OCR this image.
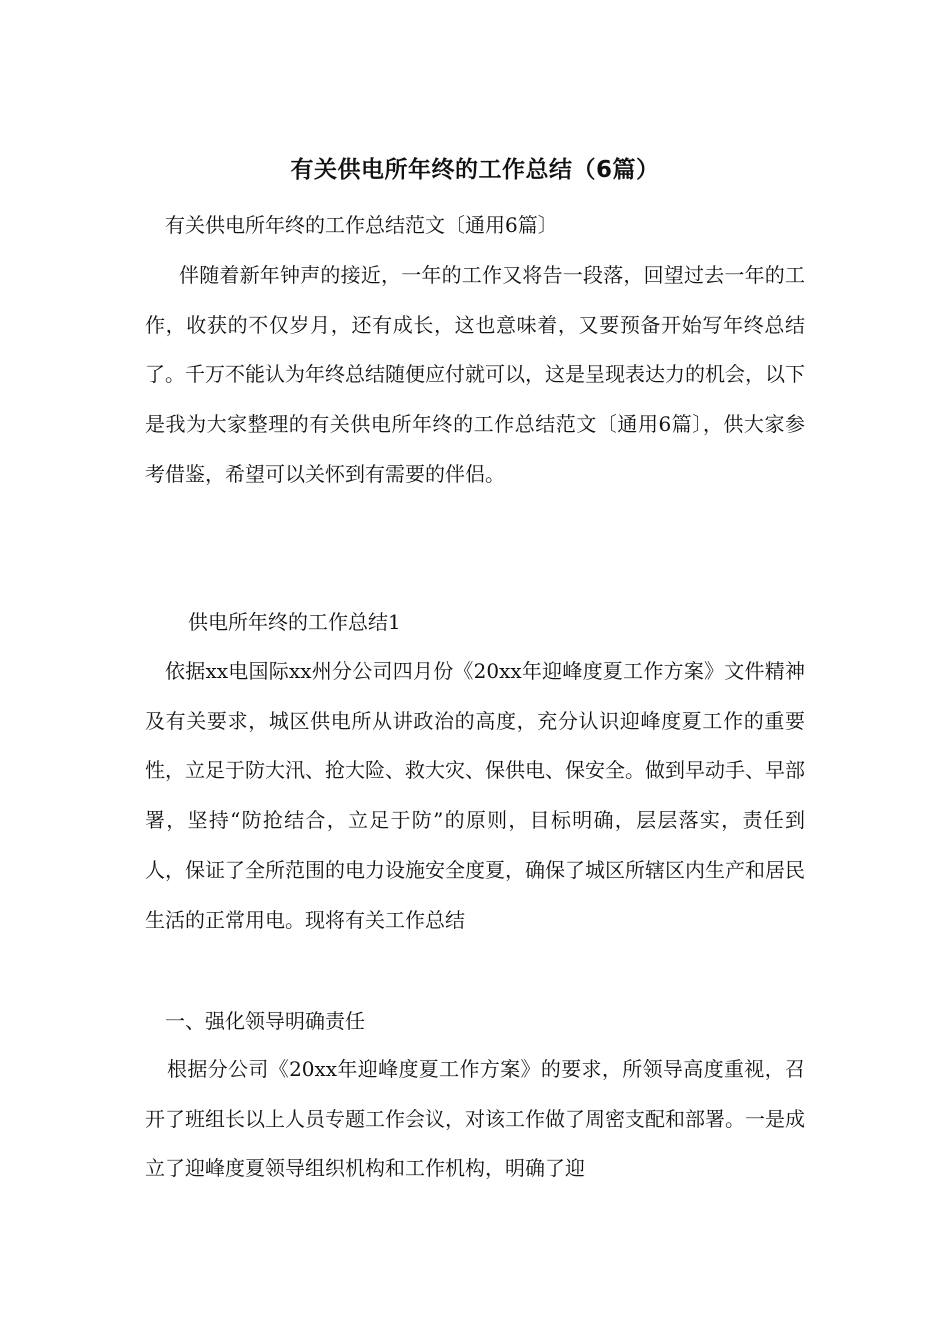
有关供电所年终的工作总结（6篇）
有关供电所年终的工作总结范文〔通用6篇〕

伴随着新年钟声的接近，一年的工作又将告一段落，回望过去一年的工作，收获的不仅岁月，还有成长，这也意味着，又要预备开始写年终总结了。千万不能认为年终总结随便应付就可以，这是呈现表达力的机会，以下是我为大家整理的有关供电所年终的工作总结范文〔通用6篇〕，供大家参考借鉴，希望可以关怀到有需要的伴侣。

供电所年终的工作总结1

依据xx电国际xx州分公司四月份《20xx年迎峰度夏工作方案》文件精神及有关要求，城区供电所从讲政治的高度，充分认识迎峰度夏工作的重要性，立足于防大汛、抢大险、救大灾、保供电、保安全。做到早动手、早部署，坚持“防抢结合，立足于防”的原则，目标明确，层层落实，责任到人，保证了全所范围的电力设施安全度夏，确保了城区所辖区内生产和居民生活的正常用电。现将有关工作总结

一、强化领导明确责任

根据分公司《20xx年迎峰度夏工作方案》的要求，所领导高度重视，召开了班组长以上人员专题工作会议，对该工作做了周密支配和部署。一是成立了迎峰度夏领导组织机构和工作机构，明确了迎
